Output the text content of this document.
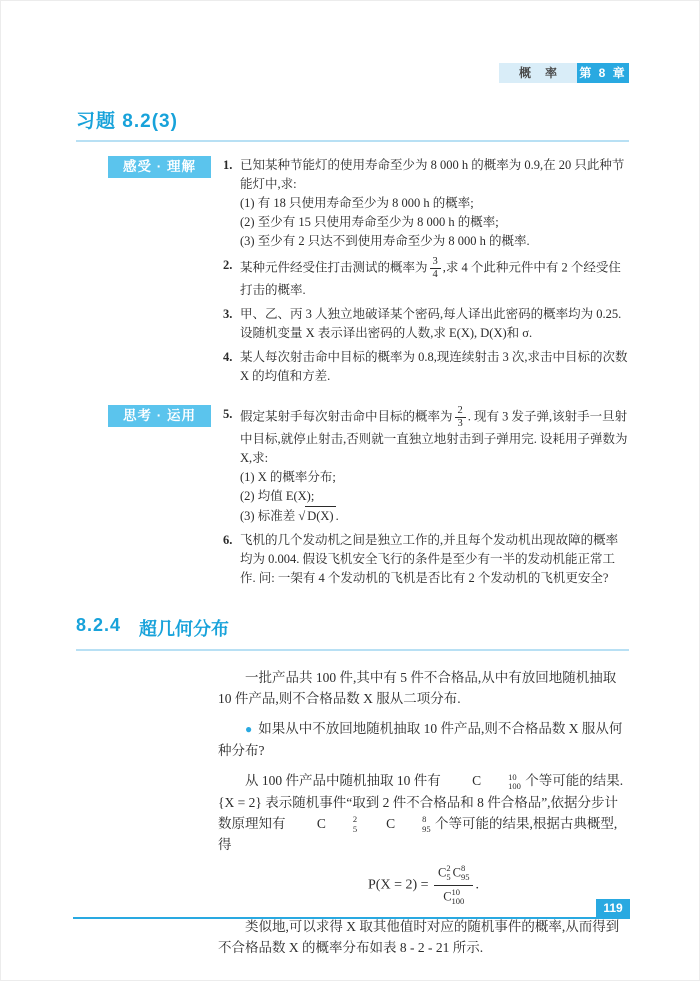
概率 第 8 章
习题 8.2(3)
感受 · 理解	1. 已知某种节能灯的使用寿命至少为 8 000 h 的概率为 0.9,在 20 只此种节能灯中,求:
(1) 有 18 只使用寿命至少为 8 000 h 的概率;
(2) 至少有 15 只使用寿命至少为 8 000 h 的概率;
(3) 至少有 2 只达不到使用寿命至少为 8 000 h 的概率.
2. 某种元件经受住打击测试的概率为 $\frac{3}{4}$ ,求 4 个此种元件中有 2 个经受住打击的概率.
3. 甲、乙、丙 3 人独立地破译某个密码,每人译出此密码的概率均为 0.25. 设随机变量 X 表示译出密码的人数,求 E(X), D(X)和 σ.
4. 某人每次射击命中目标的概率为 0.8,现连续射击 3 次,求击中目标的次数 X 的均值和方差.
思考 · 运用	5. 假定某射手每次射击命中目标的概率为 $\frac{2}{3}$ . 现有 3 发子弹,该射手一旦射中目标,就停止射击,否则就一直独立地射击到子弹用完. 设耗用子弹数为 X,求:
(1) X 的概率分布;
(2) 均值 E(X);
(3) 标准差 √ D(X) .
6. 飞机的几个发动机之间是独立工作的,并且每个发动机出现故障的概率均为 0.004. 假设飞机安全飞行的条件是至少有一半的发动机能正常工作. 问: 一架有 4 个发动机的飞机是否比有 2 个发动机的飞机更安全?
8.2.4 超几何分布

一批产品共 100 件,其中有 5 件不合格品,从中有放回地随机抽取 10 件产品,则不合格品数 X 服从二项分布.

● 如果从中不放回地随机抽取 10 件产品,则不合格品数 X 服从何种分布?

从 100 件产品中随机抽取 10 件有 C	10
100 个等可能的结果. {X = 2} 表示随机事件“取到 2 件不合格品和 8 件合格品”,依据分步计数原理知有 C	2
5 C	8
95 个等可能的结果,根据古典概型,得

P(X = 2) = C 2
5 C 8
95
C 10
100 .

类似地,可以求得 X 取其他值时对应的随机事件的概率,从而得到不合格品数 X 的概率分布如表 8 - 2 - 21 所示.

119
